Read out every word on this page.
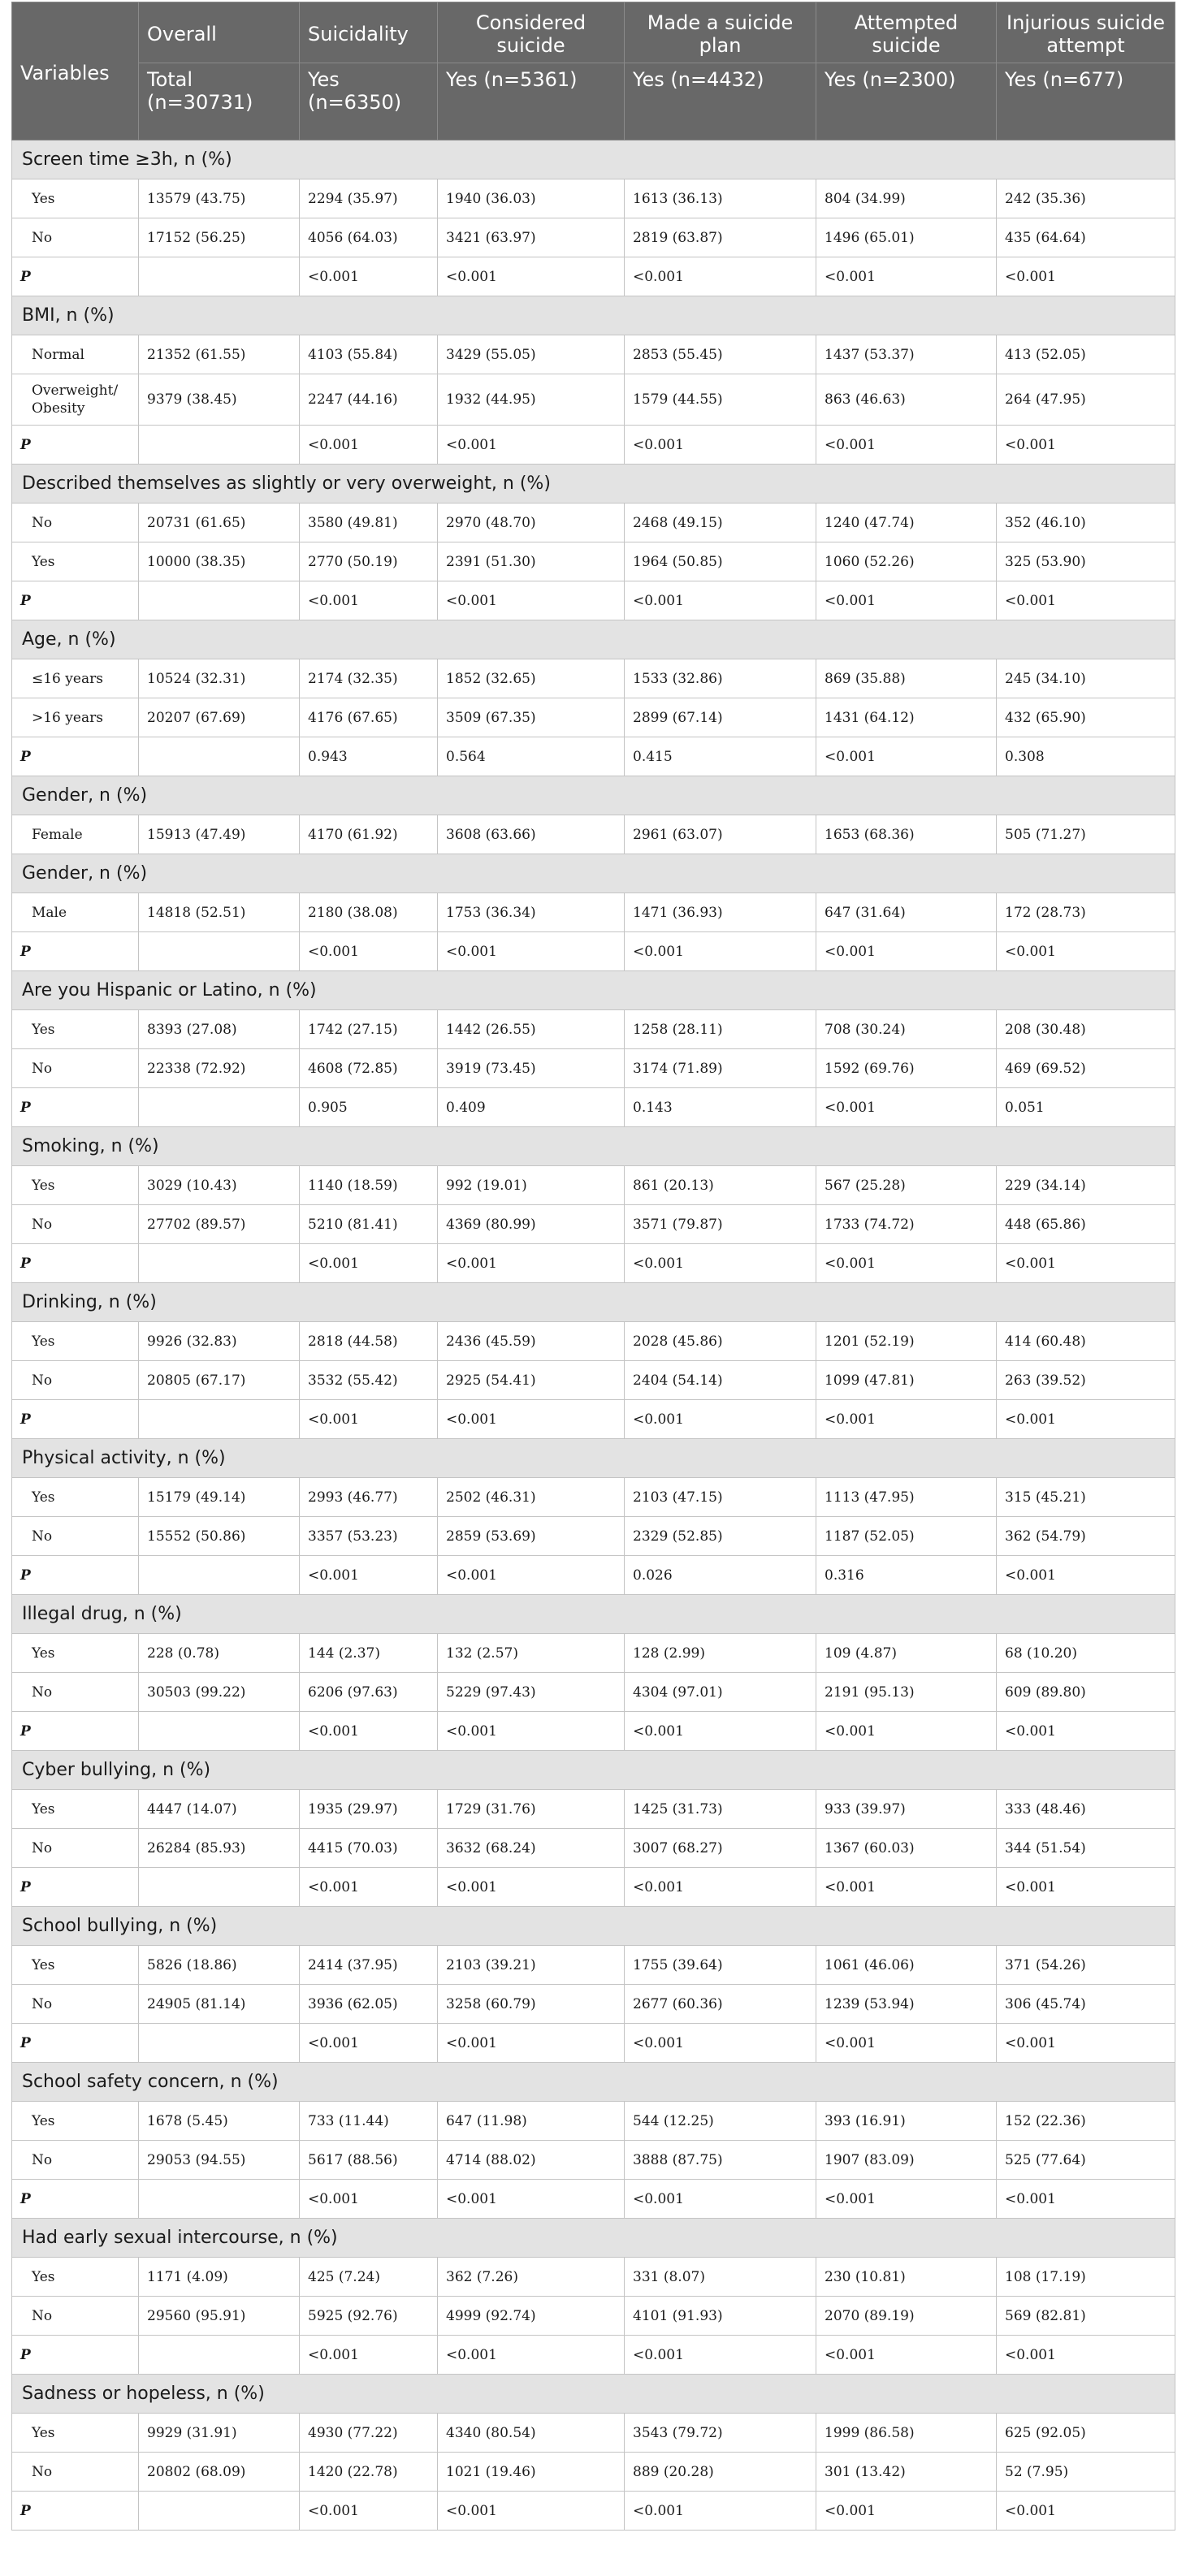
Variables	Overall	Suicidality	Considered suicide	Made a suicide plan	Attempted suicide	Injurious suicide attempt
	Total (n=30731)	Yes (n=6350)	Yes (n=5361)	Yes (n=4432)	Yes (n=2300)	Yes (n=677)
Screen time ≥3h, n (%)						
Yes	13579 (43.75)	2294 (35.97)	1940 (36.03)	1613 (36.13)	804 (34.99)	242 (35.36)
No	17152 (56.25)	4056 (64.03)	3421 (63.97)	2819 (63.87)	1496 (65.01)	435 (64.64)
P		<0.001	<0.001	<0.001	<0.001	<0.001
BMI, n (%)						
Normal	21352 (61.55)	4103 (55.84)	3429 (55.05)	2853 (55.45)	1437 (53.37)	413 (52.05)
Overweight/ Obesity	9379 (38.45)	2247 (44.16)	1932 (44.95)	1579 (44.55)	863 (46.63)	264 (47.95)
P		<0.001	<0.001	<0.001	<0.001	<0.001
Described themselves as slightly or very overweight, n (%)						
No	20731 (61.65)	3580 (49.81)	2970 (48.70)	2468 (49.15)	1240 (47.74)	352 (46.10)
Yes	10000 (38.35)	2770 (50.19)	2391 (51.30)	1964 (50.85)	1060 (52.26)	325 (53.90)
P		<0.001	<0.001	<0.001	<0.001	<0.001
Age, n (%)						
≤16 years	10524 (32.31)	2174 (32.35)	1852 (32.65)	1533 (32.86)	869 (35.88)	245 (34.10)
>16 years	20207 (67.69)	4176 (67.65)	3509 (67.35)	2899 (67.14)	1431 (64.12)	432 (65.90)
P		0.943	0.564	0.415	<0.001	0.308
Gender, n (%)						
Female	15913 (47.49)	4170 (61.92)	3608 (63.66)	2961 (63.07)	1653 (68.36)	505 (71.27)
Gender, n (%)						
Male	14818 (52.51)	2180 (38.08)	1753 (36.34)	1471 (36.93)	647 (31.64)	172 (28.73)
P		<0.001	<0.001	<0.001	<0.001	<0.001
Are you Hispanic or Latino, n (%)						
Yes	8393 (27.08)	1742 (27.15)	1442 (26.55)	1258 (28.11)	708 (30.24)	208 (30.48)
No	22338 (72.92)	4608 (72.85)	3919 (73.45)	3174 (71.89)	1592 (69.76)	469 (69.52)
P		0.905	0.409	0.143	<0.001	0.051
Smoking, n (%)						
Yes	3029 (10.43)	1140 (18.59)	992 (19.01)	861 (20.13)	567 (25.28)	229 (34.14)
No	27702 (89.57)	5210 (81.41)	4369 (80.99)	3571 (79.87)	1733 (74.72)	448 (65.86)
P		<0.001	<0.001	<0.001	<0.001	<0.001
Drinking, n (%)						
Yes	9926 (32.83)	2818 (44.58)	2436 (45.59)	2028 (45.86)	1201 (52.19)	414 (60.48)
No	20805 (67.17)	3532 (55.42)	2925 (54.41)	2404 (54.14)	1099 (47.81)	263 (39.52)
P		<0.001	<0.001	<0.001	<0.001	<0.001
Physical activity, n (%)						
Yes	15179 (49.14)	2993 (46.77)	2502 (46.31)	2103 (47.15)	1113 (47.95)	315 (45.21)
No	15552 (50.86)	3357 (53.23)	2859 (53.69)	2329 (52.85)	1187 (52.05)	362 (54.79)
P		<0.001	<0.001	0.026	0.316	<0.001
Illegal drug, n (%)						
Yes	228 (0.78)	144 (2.37)	132 (2.57)	128 (2.99)	109 (4.87)	68 (10.20)
No	30503 (99.22)	6206 (97.63)	5229 (97.43)	4304 (97.01)	2191 (95.13)	609 (89.80)
P		<0.001	<0.001	<0.001	<0.001	<0.001
Cyber bullying, n (%)						
Yes	4447 (14.07)	1935 (29.97)	1729 (31.76)	1425 (31.73)	933 (39.97)	333 (48.46)
No	26284 (85.93)	4415 (70.03)	3632 (68.24)	3007 (68.27)	1367 (60.03)	344 (51.54)
P		<0.001	<0.001	<0.001	<0.001	<0.001
School bullying, n (%)						
Yes	5826 (18.86)	2414 (37.95)	2103 (39.21)	1755 (39.64)	1061 (46.06)	371 (54.26)
No	24905 (81.14)	3936 (62.05)	3258 (60.79)	2677 (60.36)	1239 (53.94)	306 (45.74)
P		<0.001	<0.001	<0.001	<0.001	<0.001
School safety concern, n (%)						
Yes	1678 (5.45)	733 (11.44)	647 (11.98)	544 (12.25)	393 (16.91)	152 (22.36)
No	29053 (94.55)	5617 (88.56)	4714 (88.02)	3888 (87.75)	1907 (83.09)	525 (77.64)
P		<0.001	<0.001	<0.001	<0.001	<0.001
Had early sexual intercourse, n (%)						
Yes	1171 (4.09)	425 (7.24)	362 (7.26)	331 (8.07)	230 (10.81)	108 (17.19)
No	29560 (95.91)	5925 (92.76)	4999 (92.74)	4101 (91.93)	2070 (89.19)	569 (82.81)
P		<0.001	<0.001	<0.001	<0.001	<0.001
Sadness or hopeless, n (%)						
Yes	9929 (31.91)	4930 (77.22)	4340 (80.54)	3543 (79.72)	1999 (86.58)	625 (92.05)
No	20802 (68.09)	1420 (22.78)	1021 (19.46)	889 (20.28)	301 (13.42)	52 (7.95)
P		<0.001	<0.001	<0.001	<0.001	<0.001
